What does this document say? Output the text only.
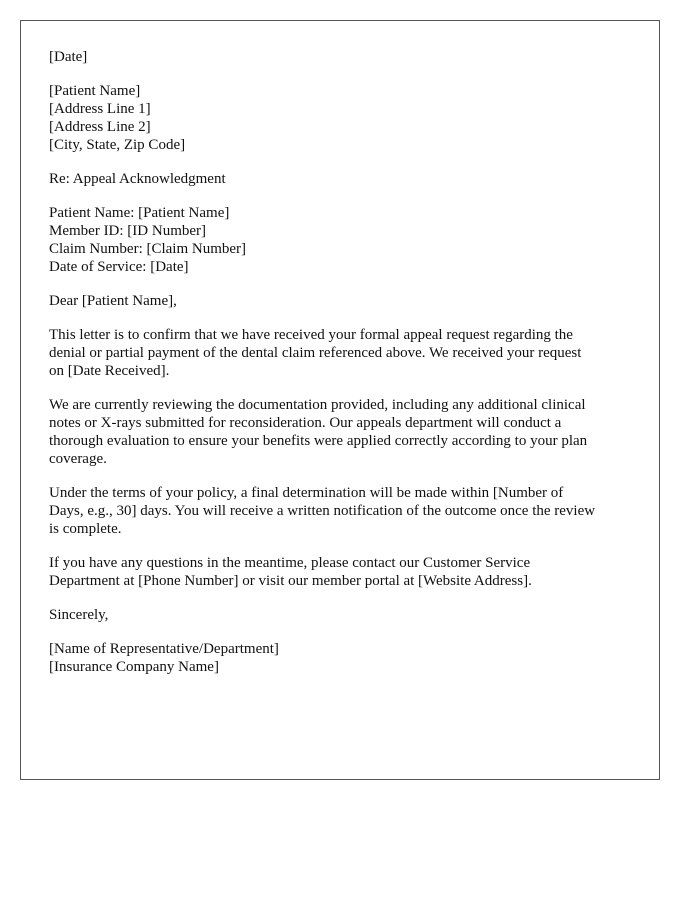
[Date]
[Patient Name]
[Address Line 1]
[Address Line 2]
[City, State, Zip Code]
Re: Appeal Acknowledgment
Patient Name: [Patient Name]
Member ID: [ID Number]
Claim Number: [Claim Number]
Date of Service: [Date]
Dear [Patient Name],
This letter is to confirm that we have received your formal appeal request regarding the
denial or partial payment of the dental claim referenced above. We received your request
on [Date Received].
We are currently reviewing the documentation provided, including any additional clinical
notes or X-rays submitted for reconsideration. Our appeals department will conduct a
thorough evaluation to ensure your benefits were applied correctly according to your plan
coverage.
Under the terms of your policy, a final determination will be made within [Number of
Days, e.g., 30] days. You will receive a written notification of the outcome once the review
is complete.
If you have any questions in the meantime, please contact our Customer Service
Department at [Phone Number] or visit our member portal at [Website Address].
Sincerely,
[Name of Representative/Department]
[Insurance Company Name]
